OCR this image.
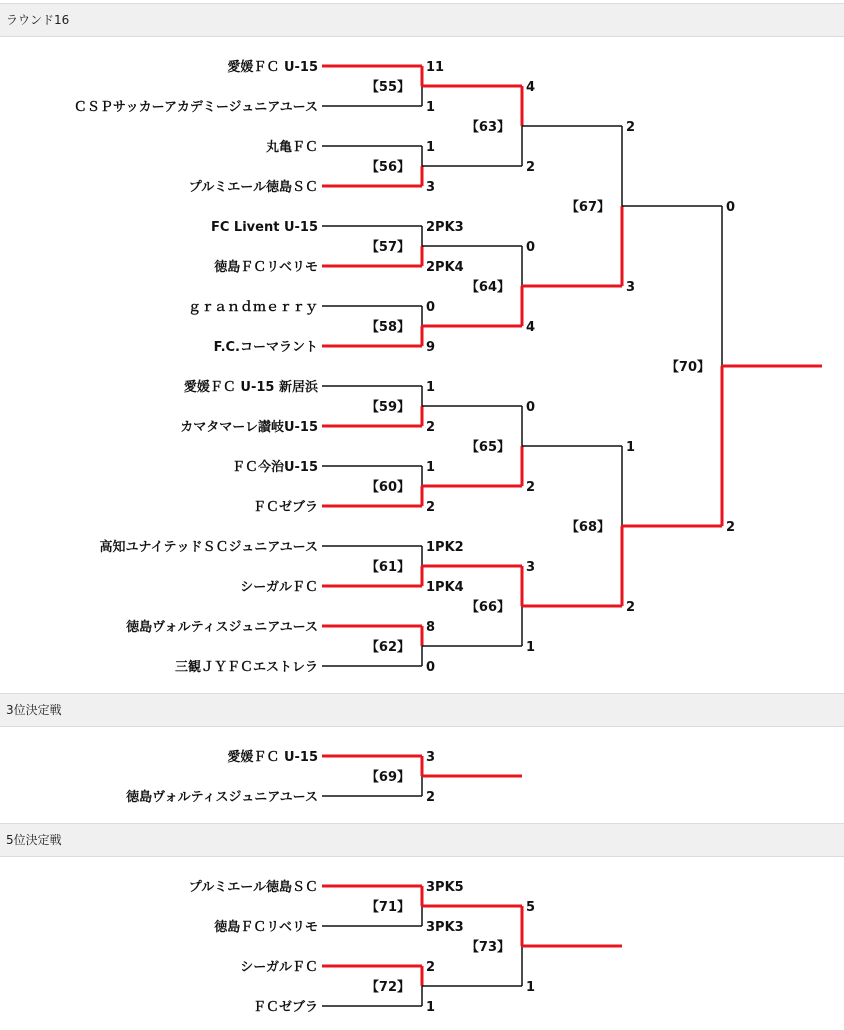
ラウンド16
愛媛ＦＣ U-15
ＣＳＰサッカーアカデミージュニアユース
丸亀ＦＣ
プルミエール徳島ＳＣ
FC Livent U-15
徳島ＦＣリベリモ
ｇｒａｎｄｍｅｒｒｙ
F.C.コーマラント
愛媛ＦＣ U-15 新居浜
カマタマーレ讃岐U-15
ＦＣ今治U-15
ＦＣゼブラ
高知ユナイテッドＳＣジュニアユース
シーガルＦＣ
徳島ヴォルティスジュニアユース
三観ＪＹＦＣエストレラ
11
1
【55】
1
3
【56】
2PK3
2PK4
【57】
0
9
【58】
1
2
【59】
1
2
【60】
1PK2
1PK4
【61】
8
0
【62】
4
2
【63】
0
4
【64】
0
2
【65】
3
1
【66】
2
3
【67】
1
2
【68】
0
2
【70】
3位決定戦
愛媛ＦＣ U-15
徳島ヴォルティスジュニアユース
3
2
【69】
5位決定戦
プルミエール徳島ＳＣ
徳島ＦＣリベリモ
シーガルＦＣ
ＦＣゼブラ
3PK5
3PK3
【71】
2
1
【72】
5
1
【73】
